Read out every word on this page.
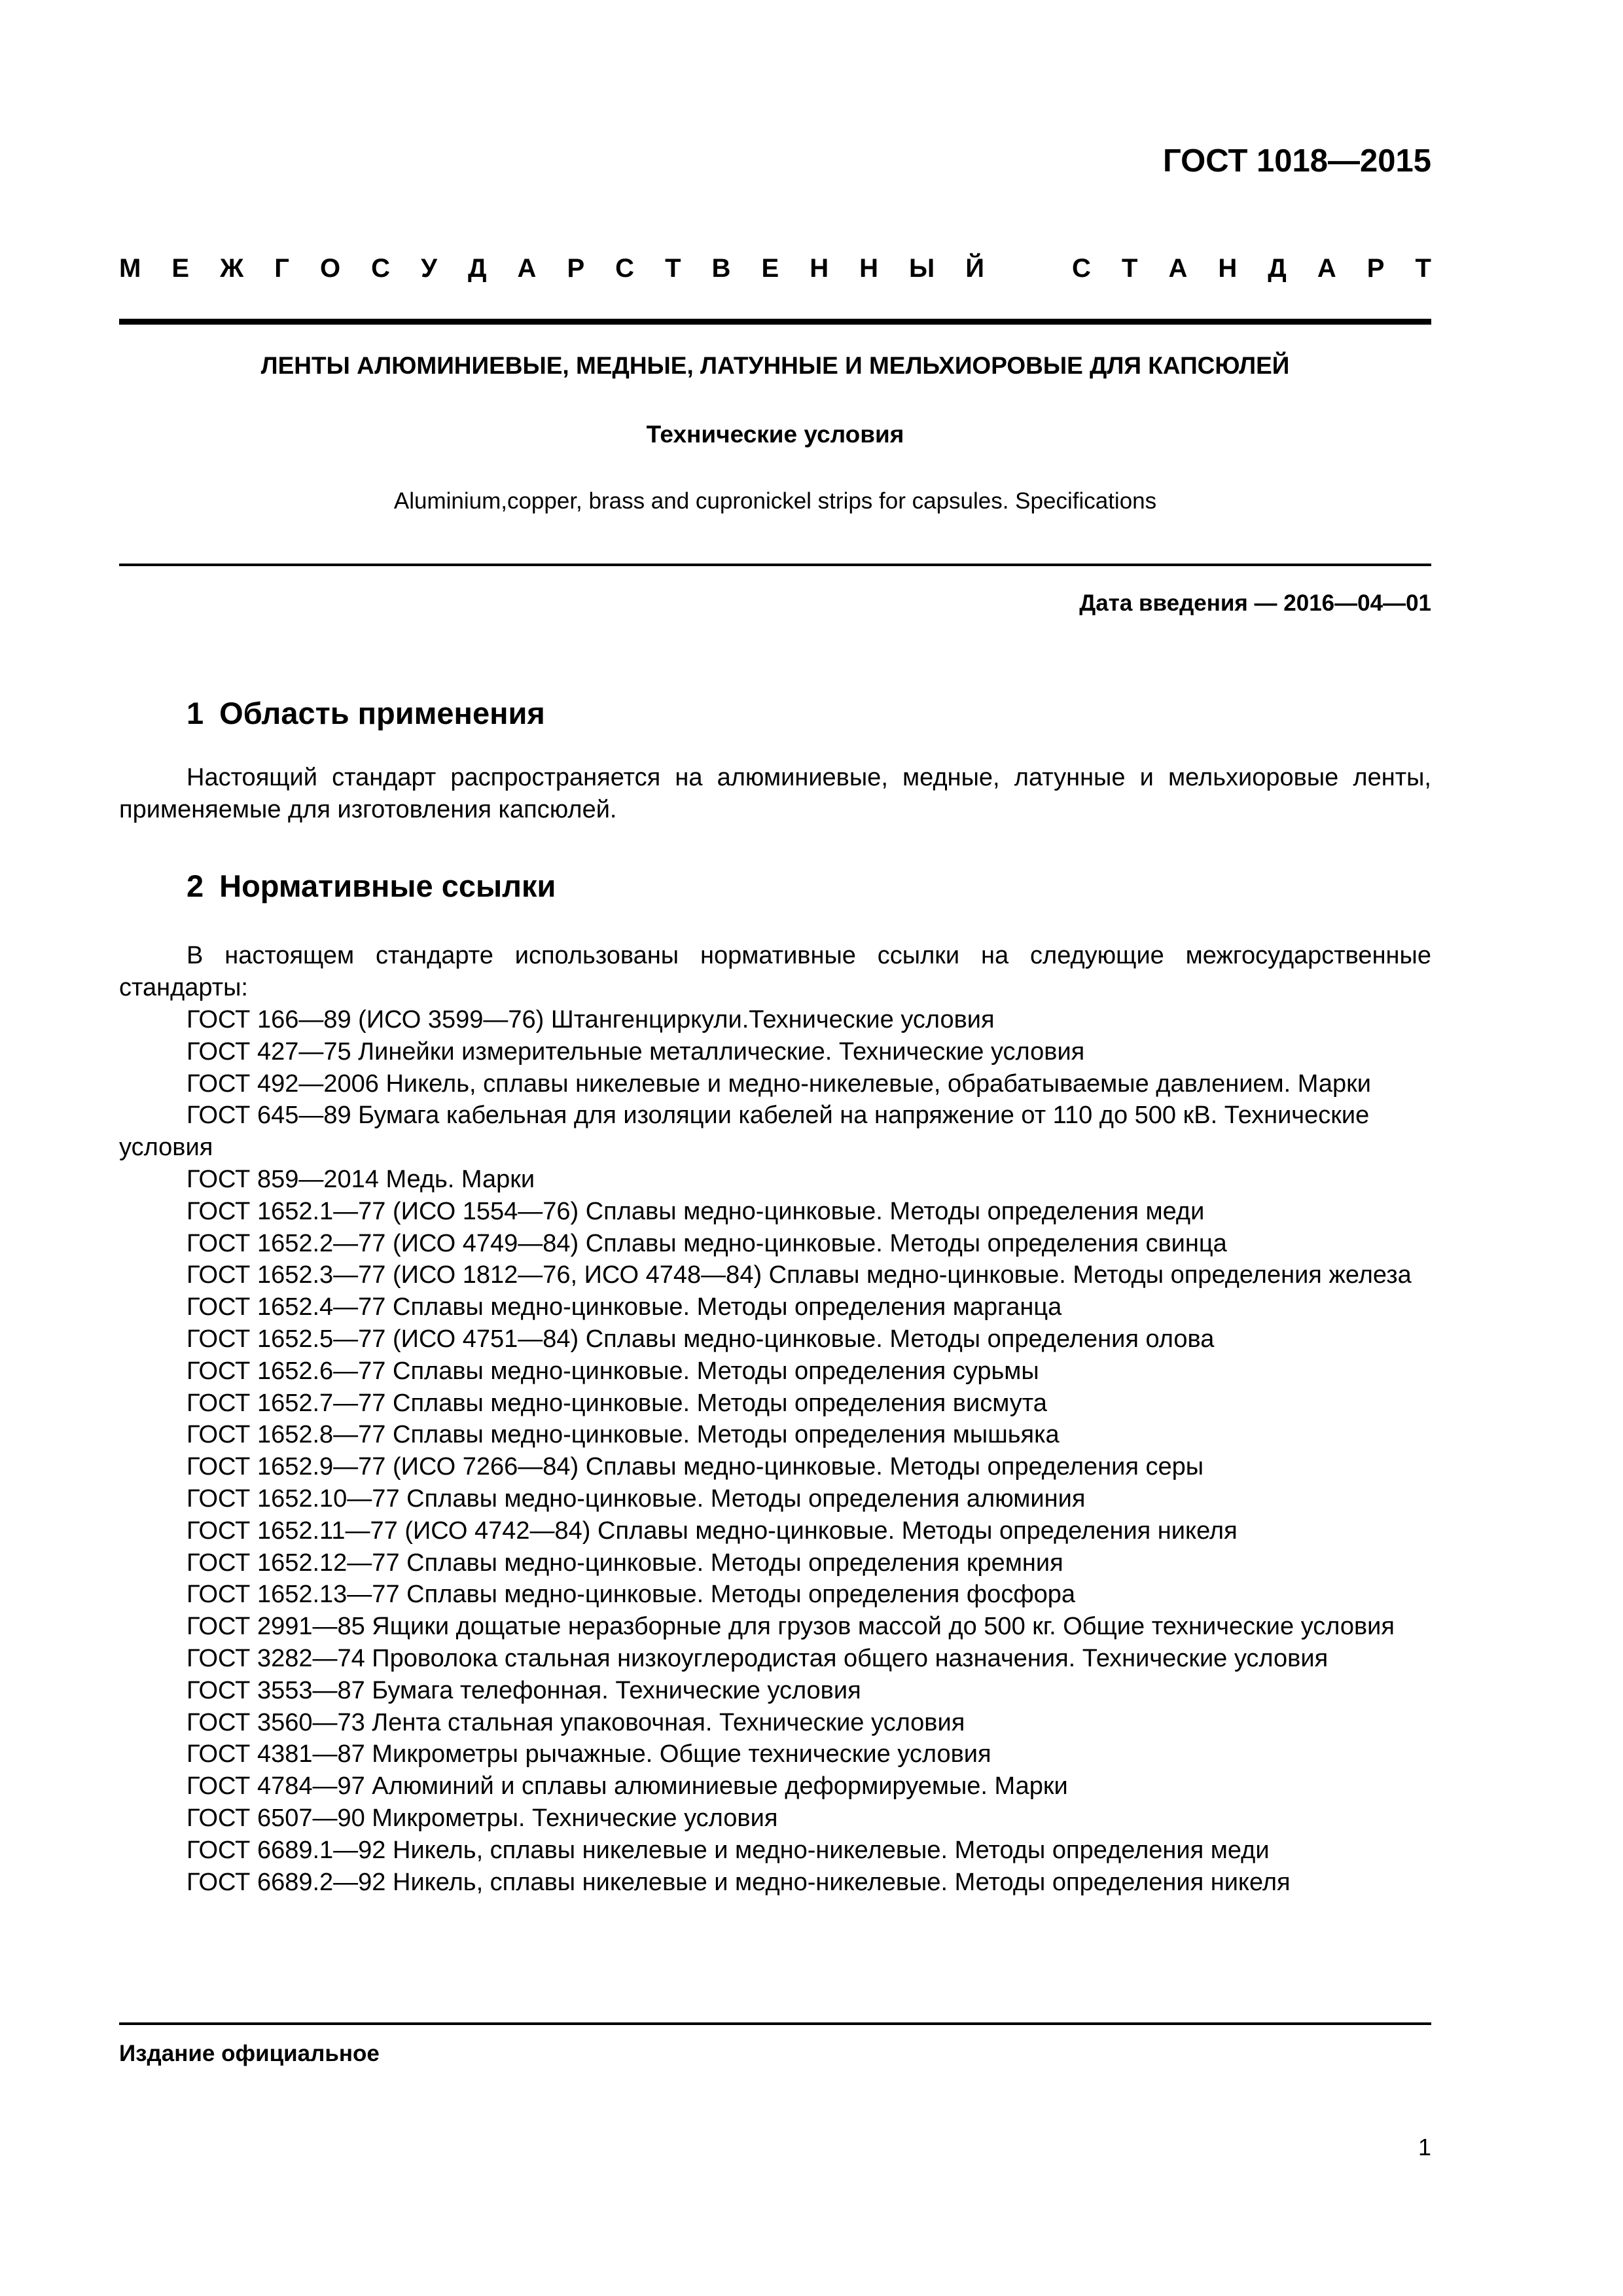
ГОСТ 1018—2015
М Е Ж Г О С У Д А Р С Т В Е Н Н Ы Й	С Т А Н Д А Р Т
ЛЕНТЫ АЛЮМИНИЕВЫЕ, МЕДНЫЕ, ЛАТУННЫЕ И МЕЛЬХИОРОВЫЕ ДЛЯ КАПСЮЛЕЙ
Технические условия
Aluminium,copper, brass and cupronickel strips for capsules. Specifications
Дата введения — 2016—04—01
1 Область применения

Настоящий стандарт распространяется на алюминиевые, медные, латунные и мельхиоровые ленты, применяемые для изготовления капсюлей.

2 Нормативные ссылки

В настоящем стандарте использованы нормативные ссылки на следующие межгосударственные стандарты:

ГОСТ 166—89 (ИСО 3599—76) Штангенциркули.Технические условия

ГОСТ 427—75 Линейки измерительные металлические. Технические условия

ГОСТ 492—2006 Никель, сплавы никелевые и медно-никелевые, обрабатываемые давлением. Марки

ГОСТ 645—89 Бумага кабельная для изоляции кабелей на напряжение от 110 до 500 кВ. Технические условия

ГОСТ 859—2014 Медь. Марки

ГОСТ 1652.1—77 (ИСО 1554—76) Сплавы медно-цинковые. Методы определения меди

ГОСТ 1652.2—77 (ИСО 4749—84) Сплавы медно-цинковые. Методы определения свинца

ГОСТ 1652.3—77 (ИСО 1812—76, ИСО 4748—84) Сплавы медно-цинковые. Методы определения железа

ГОСТ 1652.4—77 Сплавы медно-цинковые. Методы определения марганца

ГОСТ 1652.5—77 (ИСО 4751—84) Сплавы медно-цинковые. Методы определения олова

ГОСТ 1652.6—77 Сплавы медно-цинковые. Методы определения сурьмы

ГОСТ 1652.7—77 Сплавы медно-цинковые. Методы определения висмута

ГОСТ 1652.8—77 Сплавы медно-цинковые. Методы определения мышьяка

ГОСТ 1652.9—77 (ИСО 7266—84) Сплавы медно-цинковые. Методы определения серы

ГОСТ 1652.10—77 Сплавы медно-цинковые. Методы определения алюминия

ГОСТ 1652.11—77 (ИСО 4742—84) Сплавы медно-цинковые. Методы определения никеля

ГОСТ 1652.12—77 Сплавы медно-цинковые. Методы определения кремния

ГОСТ 1652.13—77 Сплавы медно-цинковые. Методы определения фосфора

ГОСТ 2991—85 Ящики дощатые неразборные для грузов массой до 500 кг. Общие технические условия

ГОСТ 3282—74 Проволока стальная низкоуглеродистая общего назначения. Технические условия

ГОСТ 3553—87 Бумага телефонная. Технические условия

ГОСТ 3560—73 Лента стальная упаковочная. Технические условия

ГОСТ 4381—87 Микрометры рычажные. Общие технические условия

ГОСТ 4784—97 Алюминий и сплавы алюминиевые деформируемые. Марки

ГОСТ 6507—90 Микрометры. Технические условия

ГОСТ 6689.1—92 Никель, сплавы никелевые и медно-никелевые. Методы определения меди

ГОСТ 6689.2—92 Никель, сплавы никелевые и медно-никелевые. Методы определения никеля

Издание официальное
1
